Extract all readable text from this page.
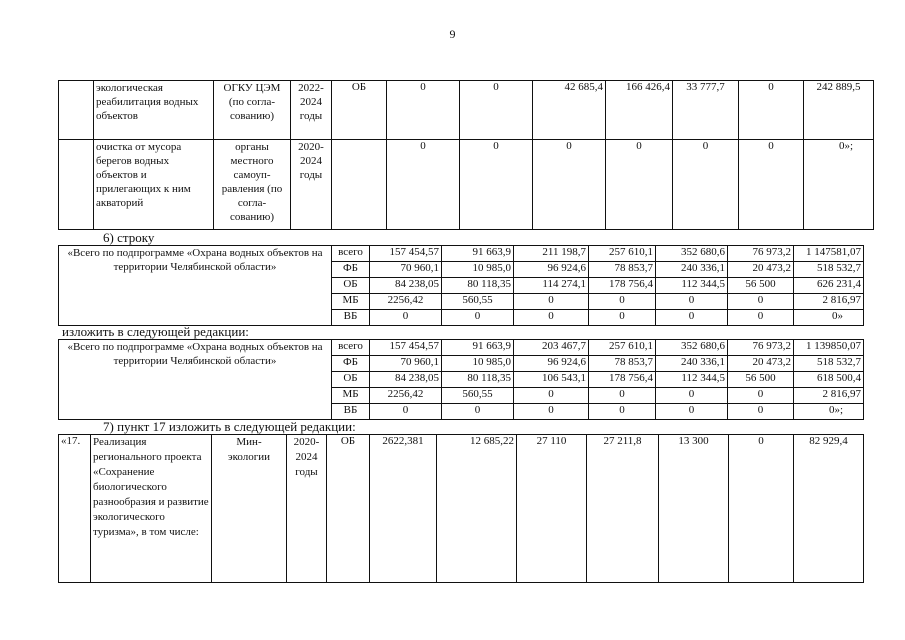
9
	экологическая реабилитация водных объектов	ОГКУ ЦЭМ (по согла- сованию)	2022- 2024 годы	ОБ	0	0	42 685,4	166 426,4	33 777,7	0	242 889,5
	очистка от мусора берегов водных объектов и прилегающих к ним акваторий	органы местного самоуп- равления (по согла- сованию)	2020- 2024 годы		0	0	0	0	0	0	0»;
6) строку
«Всего по подпрограмме «Охрана водных объектов на территории Челябинской области»	всего	157 454,57	91 663,9	211 198,7	257 610,1	352 680,6	76 973,2	1 147581,07
	ФБ	70 960,1	10 985,0	96 924,6	78 853,7	240 336,1	20 473,2	518 532,7
	ОБ	84 238,05	80 118,35	114 274,1	178 756,4	112 344,5	56 500	626 231,4
	МБ	2256,42	560,55	0	0	0	0	2 816,97
	ВБ	0	0	0	0	0	0	0»
изложить в следующей редакции:
«Всего по подпрограмме «Охрана водных объектов на территории Челябинской области»	всего	157 454,57	91 663,9	203 467,7	257 610,1	352 680,6	76 973,2	1 139850,07
	ФБ	70 960,1	10 985,0	96 924,6	78 853,7	240 336,1	20 473,2	518 532,7
	ОБ	84 238,05	80 118,35	106 543,1	178 756,4	112 344,5	56 500	618 500,4
	МБ	2256,42	560,55	0	0	0	0	2 816,97
	ВБ	0	0	0	0	0	0	0»;
7) пункт 17 изложить в следующей редакции:
«17.	Реализация регионального проекта «Сохранение биологического разнообразия и развитие экологического туризма», в том числе:	Мин- экологии	2020- 2024 годы	ОБ	2622,381	12 685,22	27 110	27 211,8	13 300	0	82 929,4
